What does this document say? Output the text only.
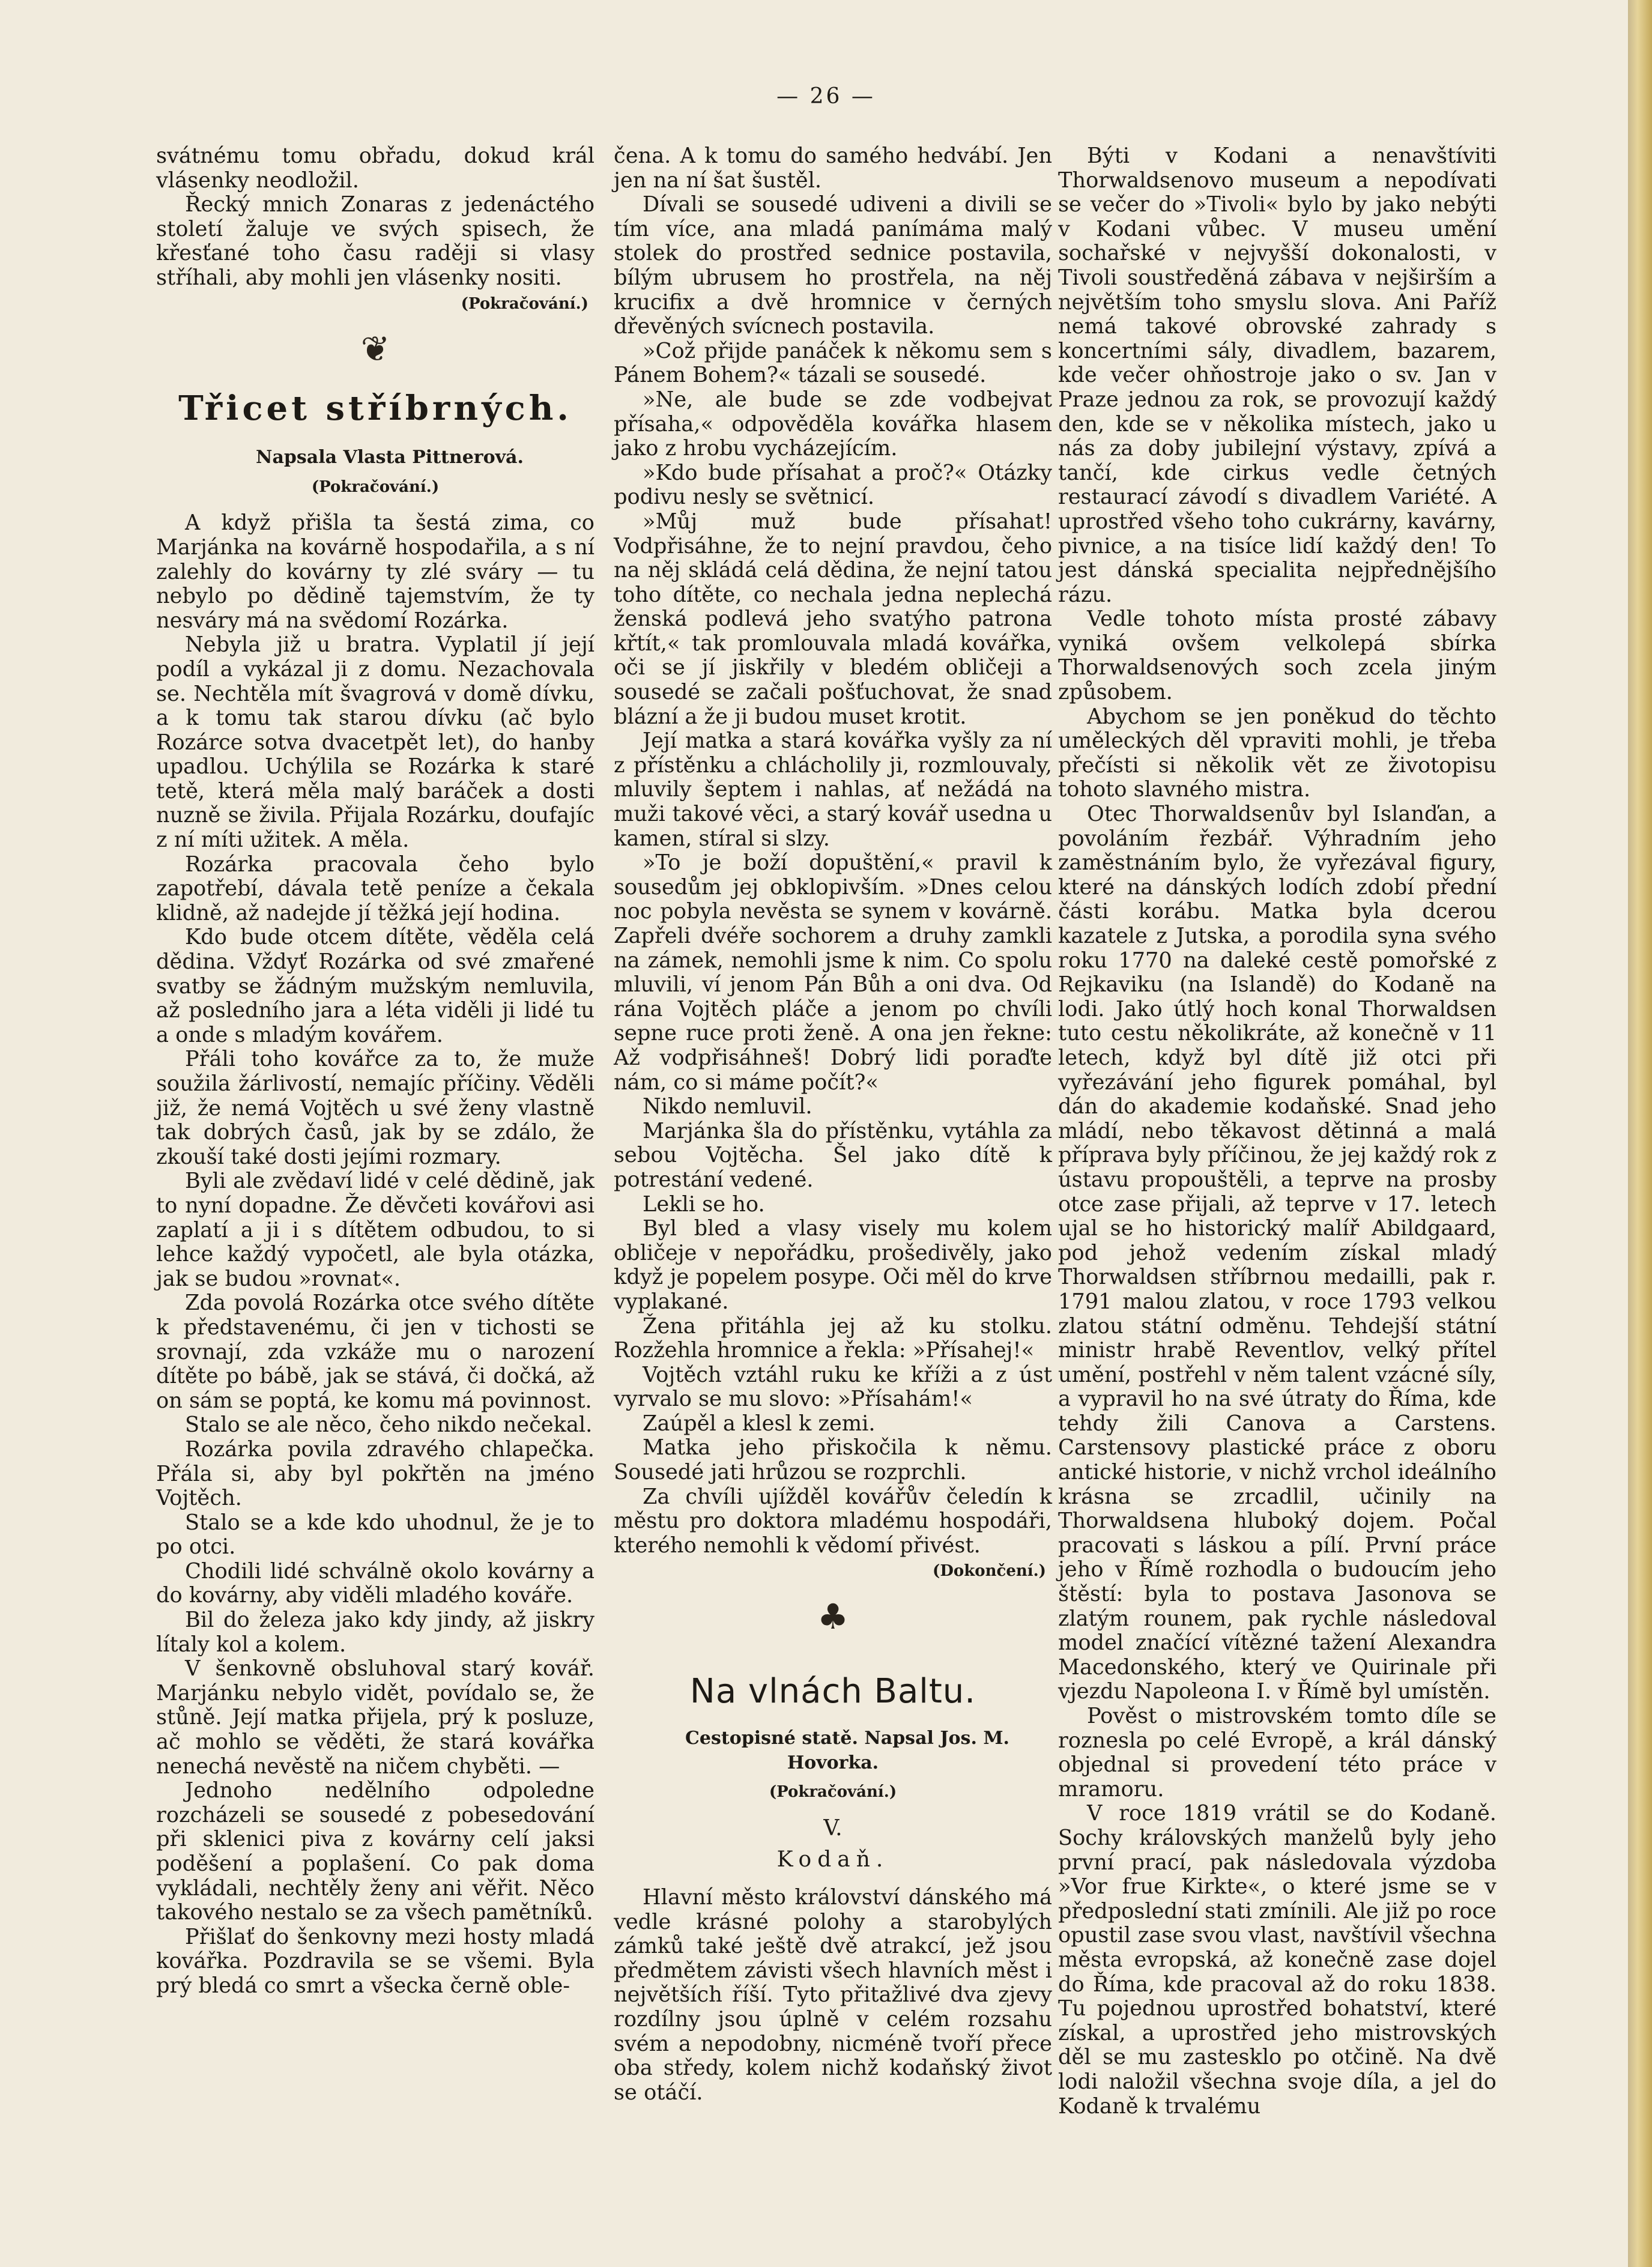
— 26 —

svátnému tomu obřadu, dokud král vlásenky neodložil.

Řecký mnich Zonaras z jedenáctého století žaluje ve svých spisech, že křesťané toho času raději si vlasy stříhali, aby mohli jen vlásenky nositi.

(Pokračování.)
❦
Třicet stříbrných.

Napsala Vlasta Pittnerová.

(Pokračování.)

A když přišla ta šestá zima, co Marjánka na kovárně hospodařila, a s ní zalehly do kovárny ty zlé sváry — tu nebylo po dědině tajemstvím, že ty nesváry má na svědomí Rozárka.

Nebyla již u bratra. Vyplatil jí její podíl a vykázal ji z domu. Nezachovala se. Nechtěla mít švagrová v domě dívku, a k tomu tak starou dívku (ač bylo Rozárce sotva dvacetpět let), do hanby upadlou. Uchýlila se Rozárka k staré tetě, která měla malý baráček a dosti nuzně se živila. Přijala Rozárku, doufajíc z ní míti užitek. A měla.

Rozárka pracovala čeho bylo zapotřebí, dávala tetě peníze a čekala klidně, až nadejde jí těžká její hodina.

Kdo bude otcem dítěte, věděla celá dědina. Vždyť Rozárka od své zmařené svatby se žádným mužským nemluvila, až posledního jara a léta viděli ji lidé tu a onde s mladým kovářem.

Přáli toho kovářce za to, že muže soužila žárlivostí, nemajíc příčiny. Věděli již, že nemá Vojtěch u své ženy vlastně tak dobrých časů, jak by se zdálo, že zkouší také dosti jejími rozmary.

Byli ale zvědaví lidé v celé dědině, jak to nyní dopadne. Že děvčeti kovářovi asi zaplatí a ji i s dítětem odbudou, to si lehce každý vypočetl, ale byla otázka, jak se budou »rovnat«.

Zda povolá Rozárka otce svého dítěte k představenému, či jen v tichosti se srovnají, zda vzkáže mu o narození dítěte po bábě, jak se stává, či dočká, až on sám se poptá, ke komu má povinnost.

Stalo se ale něco, čeho nikdo nečekal.

Rozárka povila zdravého chlapečka. Přála si, aby byl pokřtěn na jméno Vojtěch.

Stalo se a kde kdo uhodnul, že je to po otci.

Chodili lidé schválně okolo kovárny a do kovárny, aby viděli mladého kováře.

Bil do železa jako kdy jindy, až jiskry lítaly kol a kolem.

V šenkovně obsluhoval starý kovář. Marjánku nebylo vidět, povídalo se, že stůně. Její matka přijela, prý k posluze, ač mohlo se věděti, že stará kovářka nenechá nevěstě na ničem chyběti. —

Jednoho nedělního odpoledne rozcházeli se sousedé z pobesedování při sklenici piva z kovárny celí jaksi poděšení a poplašení. Co pak doma vykládali, nechtěly ženy ani věřit. Něco takového nestalo se za všech pamětníků.

Přišlať do šenkovny mezi hosty mladá kovářka. Pozdravila se se všemi. Byla prý bledá co smrt a všecka černě oble-

čena. A k tomu do samého hedvábí. Jen jen na ní šat šustěl.

Dívali se sousedé udiveni a divili se tím více, ana mladá panímáma malý stolek do prostřed sednice postavila, bílým ubrusem ho prostřela, na něj krucifix a dvě hromnice v černých dřevěných svícnech postavila.

»Což přijde panáček k někomu sem s Pánem Bohem?« tázali se sousedé.

»Ne, ale bude se zde vodbejvat přísaha,« odpověděla kovářka hlasem jako z hrobu vycházejícím.

»Kdo bude přísahat a proč?« Otázky podivu nesly se světnicí.

»Můj muž bude přísahat! Vodpřisáhne, že to nejní pravdou, čeho na něj skládá celá dědina, že nejní tatou toho dítěte, co nechala jedna neplechá ženská podlevá jeho svatýho patrona křtít,« tak promlouvala mladá kovářka, oči se jí jiskřily v bledém obličeji a sousedé se začali pošťuchovat, že snad blázní a že ji budou muset krotit.

Její matka a stará kovářka vyšly za ní z přístěnku a chlácholily ji, rozmlouvaly, mluvily šeptem i nahlas, ať nežádá na muži takové věci, a starý kovář usedna u kamen, stíral si slzy.

»To je boží dopuštění,« pravil k sousedům jej obklopivším. »Dnes celou noc pobyla nevěsta se synem v kovárně. Zapřeli dvéře sochorem a druhy zamkli na zámek, nemohli jsme k nim. Co spolu mluvili, ví jenom Pán Bůh a oni dva. Od rána Vojtěch pláče a jenom po chvíli sepne ruce proti ženě. A ona jen řekne: Až vodpřisáhneš! Dobrý lidi poraďte nám, co si máme počít?«

Nikdo nemluvil.

Marjánka šla do přístěnku, vytáhla za sebou Vojtěcha. Šel jako dítě k potrestání vedené.

Lekli se ho.

Byl bled a vlasy visely mu kolem obličeje v nepořádku, prošedivěly, jako když je popelem posype. Oči měl do krve vyplakané.

Žena přitáhla jej až ku stolku. Rozžehla hromnice a řekla: »Přísahej!«

Vojtěch vztáhl ruku ke kříži a z úst vyrvalo se mu slovo: »Přísahám!«

Zaúpěl a klesl k zemi.

Matka jeho přiskočila k němu. Sousedé jati hrůzou se rozprchli.

Za chvíli ujížděl kovářův čeledín k městu pro doktora mladému hospodáři, kterého nemohli k vědomí přivést.

(Dokončení.)
♣
Na vlnách Baltu.

Cestopisné statě. Napsal Jos. M. Hovorka.

(Pokračování.)
V.
Kodaň.

Hlavní město království dánského má vedle krásné polohy a starobylých zámků také ještě dvě atrakcí, jež jsou předmětem závisti všech hlavních měst i největších říší. Tyto přitažlivé dva zjevy rozdílny jsou úplně v celém rozsahu svém a nepodobny, nicméně tvoří přece oba středy, kolem nichž kodaňský život se otáčí.

Býti v Kodani a nenavštíviti Thorwaldsenovo museum a nepodívati se večer do »Tivoli« bylo by jako nebýti v Kodani vůbec. V museu umění sochařské v nejvyšší dokonalosti, v Tivoli soustředěná zábava v nejširším a největším toho smyslu slova. Ani Paříž nemá takové obrovské zahrady s koncertními sály, divadlem, bazarem, kde večer ohňostroje jako o sv. Jan v Praze jednou za rok, se provozují každý den, kde se v několika místech, jako u nás za doby jubilejní výstavy, zpívá a tančí, kde cirkus vedle četných restaurací závodí s divadlem Variété. A uprostřed všeho toho cukrárny, kavárny, pivnice, a na tisíce lidí každý den! To jest dánská specialita nejpřednějšího rázu.

Vedle tohoto místa prosté zábavy vyniká ovšem velkolepá sbírka Thorwaldsenových soch zcela jiným způsobem.

Abychom se jen poněkud do těchto uměleckých děl vpraviti mohli, je třeba přečísti si několik vět ze životopisu tohoto slavného mistra.

Otec Thorwaldsenův byl Islanďan, a povoláním řezbář. Výhradním jeho zaměstnáním bylo, že vyřezával figury, které na dánských lodích zdobí přední části korábu. Matka byla dcerou kazatele z Jutska, a porodila syna svého roku 1770 na daleké cestě pomořské z Rejkaviku (na Islandě) do Kodaně na lodi. Jako útlý hoch konal Thorwaldsen tuto cestu několikráte, až konečně v 11 letech, když byl dítě již otci při vyřezávání jeho figurek pomáhal, byl dán do akademie kodaňské. Snad jeho mládí, nebo těkavost dětinná a malá příprava byly příčinou, že jej každý rok z ústavu propouštěli, a teprve na prosby otce zase přijali, až teprve v 17. letech ujal se ho historický malíř Abildgaard, pod jehož vedením získal mladý Thorwaldsen stříbrnou medailli, pak r. 1791 malou zlatou, v roce 1793 velkou zlatou státní odměnu. Tehdejší státní ministr hrabě Reventlov, velký přítel umění, postřehl v něm talent vzácné síly, a vypravil ho na své útraty do Říma, kde tehdy žili Canova a Carstens. Carstensovy plastické práce z oboru antické historie, v nichž vrchol ideálního krásna se zrcadlil, učinily na Thorwaldsena hluboký dojem. Počal pracovati s láskou a pílí. První práce jeho v Římě rozhodla o budoucím jeho štěstí: byla to postava Jasonova se zlatým rounem, pak rychle následoval model značící vítězné tažení Alexandra Macedonského, který ve Quirinale při vjezdu Napoleona I. v Římě byl umístěn.

Pověst o mistrovském tomto díle se roznesla po celé Evropě, a král dánský objednal si provedení této práce v mramoru.

V roce 1819 vrátil se do Kodaně. Sochy královských manželů byly jeho první prací, pak následovala výzdoba »Vor frue Kirkte«, o které jsme se v předposlední stati zmínili. Ale již po roce opustil zase svou vlast, navštívil všechna města evropská, až konečně zase dojel do Říma, kde pracoval až do roku 1838. Tu pojednou uprostřed bohatství, které získal, a uprostřed jeho mistrovských děl se mu zastesklo po otčině. Na dvě lodi naložil všechna svoje díla, a jel do Kodaně k trvalému
